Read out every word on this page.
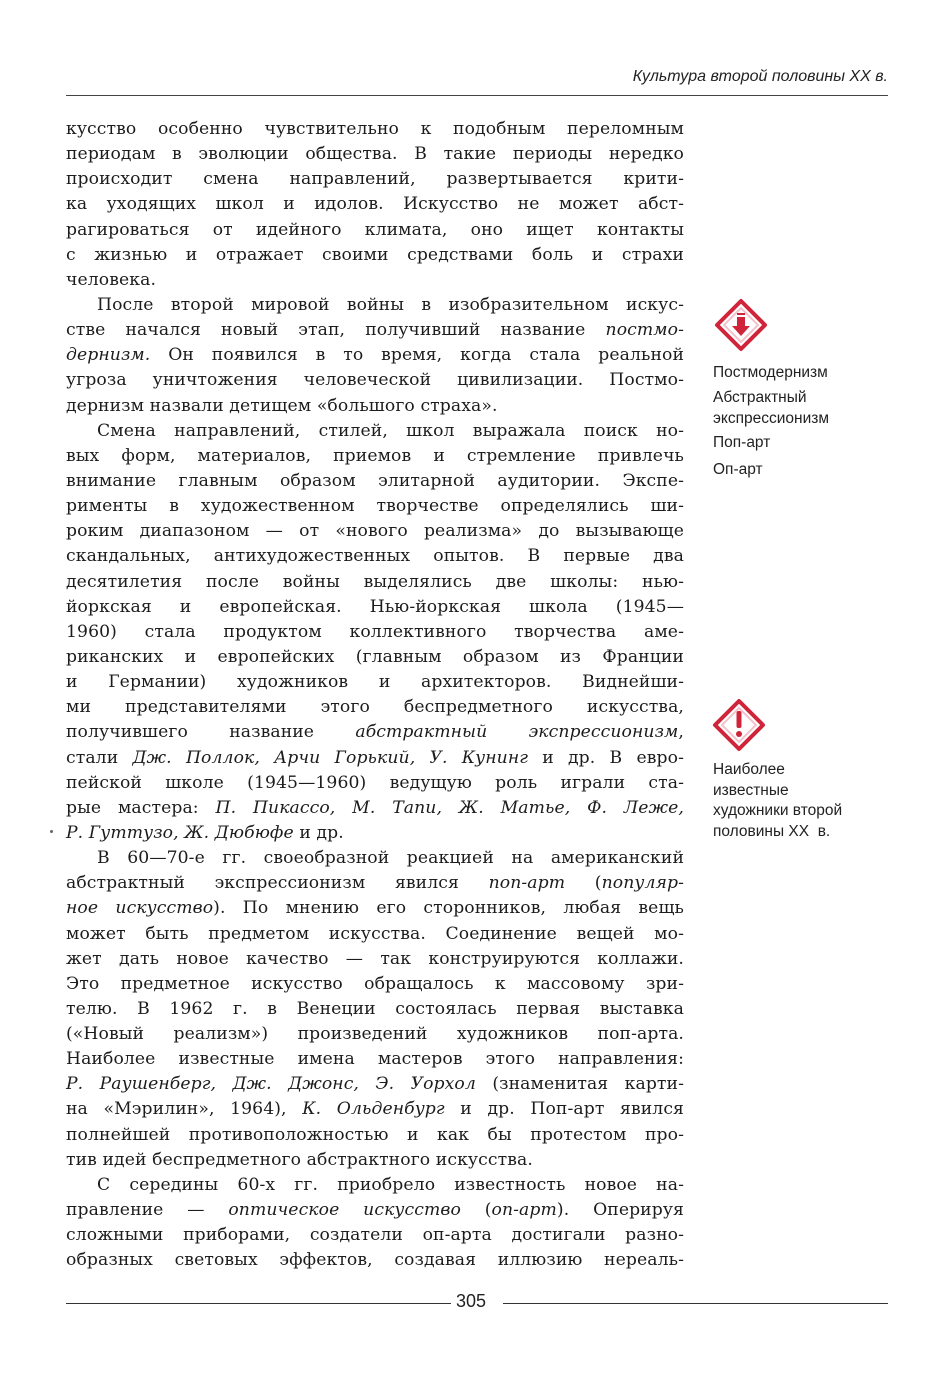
Культура второй половины XX в.
кусство особенно чувствительно к подобным переломным
периодам в эволюции общества. В такие периоды нередко
происходит смена направлений, развертывается крити-
ка уходящих школ и идолов. Искусство не может абст-
рагироваться от идейного климата, оно ищет контакты
с жизнью и отражает своими средствами боль и страхи
человека.
После второй мировой войны в изобразительном искус-
стве начался новый этап, получивший название постмо-
дернизм. Он появился в то время, когда стала реальной
угроза уничтожения человеческой цивилизации. Постмо-
дернизм назвали детищем «большого страха».
Смена направлений, стилей, школ выражала поиск но-
вых форм, материалов, приемов и стремление привлечь
внимание главным образом элитарной аудитории. Экспе-
рименты в художественном творчестве определялись ши-
роким диапазоном — от «нового реализма» до вызывающе
скандальных, антихудожественных опытов. В первые два
десятилетия после войны выделялись две школы: нью-
йоркская и европейская. Нью-йоркская школа (1945—
1960) стала продуктом коллективного творчества аме-
риканских и европейских (главным образом из Франции
и Германии) художников и архитекторов. Виднейши-
ми представителями этого беспредметного искусства,
получившего название абстрактный экспрессионизм,
стали Дж. Поллок, Арчи Горький, У. Кунинг и др. В евро-
пейской школе (1945—1960) ведущую роль играли ста-
рые мастера: П. Пикассо, М. Тапи, Ж. Матье, Ф. Леже,
Р. Гуттузо, Ж. Дюбюфе и др.
В 60—70-е гг. своеобразной реакцией на американский
абстрактный экспрессионизм явился поп-арт (популяр-
ное искусство). По мнению его сторонников, любая вещь
может быть предметом искусства. Соединение вещей мо-
жет дать новое качество — так конструируются коллажи.
Это предметное искусство обращалось к массовому зри-
телю. В 1962 г. в Венеции состоялась первая выставка
(«Новый реализм») произведений художников поп-арта.
Наиболее известные имена мастеров этого направления:
Р. Раушенберг, Дж. Джонс, Э. Уорхол (знаменитая карти-
на «Мэрилин», 1964), К. Ольденбург и др. Поп-арт явился
полнейшей противоположностью и как бы протестом про-
тив идей беспредметного абстрактного искусства.
С середины 60-х гг. приобрело известность новое на-
правление — оптическое искусство (оп-арт). Оперируя
сложными приборами, создатели оп-арта достигали разно-
образных световых эффектов, создавая иллюзию нереаль-
Постмодернизм
Абстрактный экспрессионизм
Поп-арт
Оп-арт
Наиболее
известные
художники второй
половины XX  в.
305
